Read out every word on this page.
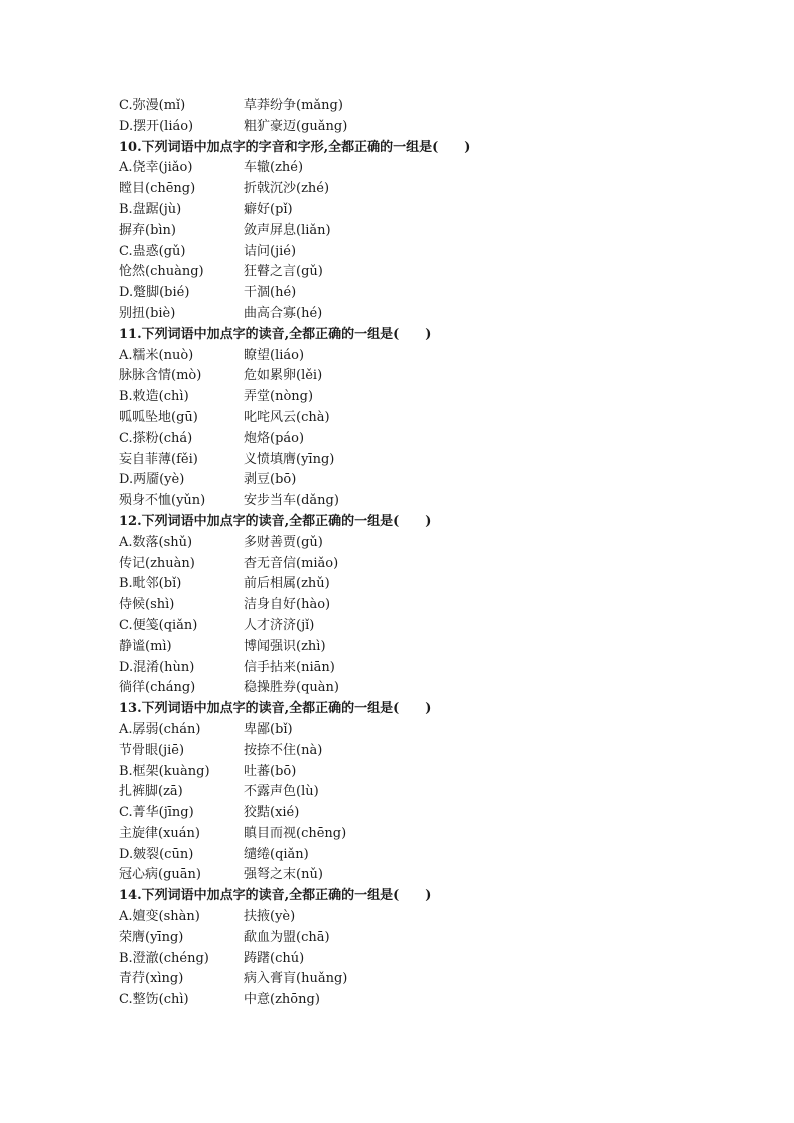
C.弥漫(mǐ)	草莽纷争(mǎng)
D.摆开(liáo)	粗犷豪迈(guǎng)
10.下列词语中加点字的字音和字形,全都正确的一组是(　　)
A.侥幸(jiǎo)	车辙(zhé)
瞠目(chēng)	折戟沉沙(zhé)
B.盘踞(jù)	癖好(pǐ)
摒弃(bìn)	敛声屏息(liǎn)
C.蛊惑(gǔ)	诘问(jié)
怆然(chuàng)	狂瞽之言(gǔ)
D.蹩脚(bié)	干涸(hé)
别扭(biè)	曲高合寡(hé)
11.下列词语中加点字的读音,全都正确的一组是(　　)
A.糯米(nuò)	瞭望(liáo)
脉脉含情(mò)	危如累卵(lěi)
B.敕造(chì)	弄堂(nòng)
呱呱坠地(gū)	叱咤风云(chà)
C.搽粉(chá)	炮烙(páo)
妄自菲薄(fěi)	义愤填膺(yīng)
D.两靥(yè)	剥豆(bō)
殒身不恤(yǔn)	安步当车(dǎng)
12.下列词语中加点字的读音,全都正确的一组是(　　)
A.数落(shǔ)	多财善贾(gǔ)
传记(zhuàn)	杳无音信(miǎo)
B.毗邻(bǐ)	前后相属(zhǔ)
侍候(shì)	洁身自好(hào)
C.便笺(qiǎn)	人才济济(jǐ)
静谧(mì)	博闻强识(zhì)
D.混淆(hùn)	信手拈来(niān)
徜徉(cháng)	稳操胜券(quàn)
13.下列词语中加点字的读音,全都正确的一组是(　　)
A.孱弱(chán)	卑鄙(bǐ)
节骨眼(jiē)	按捺不住(nà)
B.框架(kuàng)	吐蕃(bō)
扎裤脚(zā)	不露声色(lù)
C.菁华(jīng)	狡黠(xié)
主旋律(xuán)	瞋目而视(chēng)
D.皴裂(cūn)	缱绻(qiǎn)
冠心病(guān)	强弩之末(nǔ)
14.下列词语中加点字的读音,全都正确的一组是(　　)
A.嬗变(shàn)	扶掖(yè)
荣膺(yīng)	歃血为盟(chā)
B.澄澈(chéng)	踌躇(chú)
青荇(xìng)	病入膏肓(huǎng)
C.整饬(chì)	中意(zhōng)
